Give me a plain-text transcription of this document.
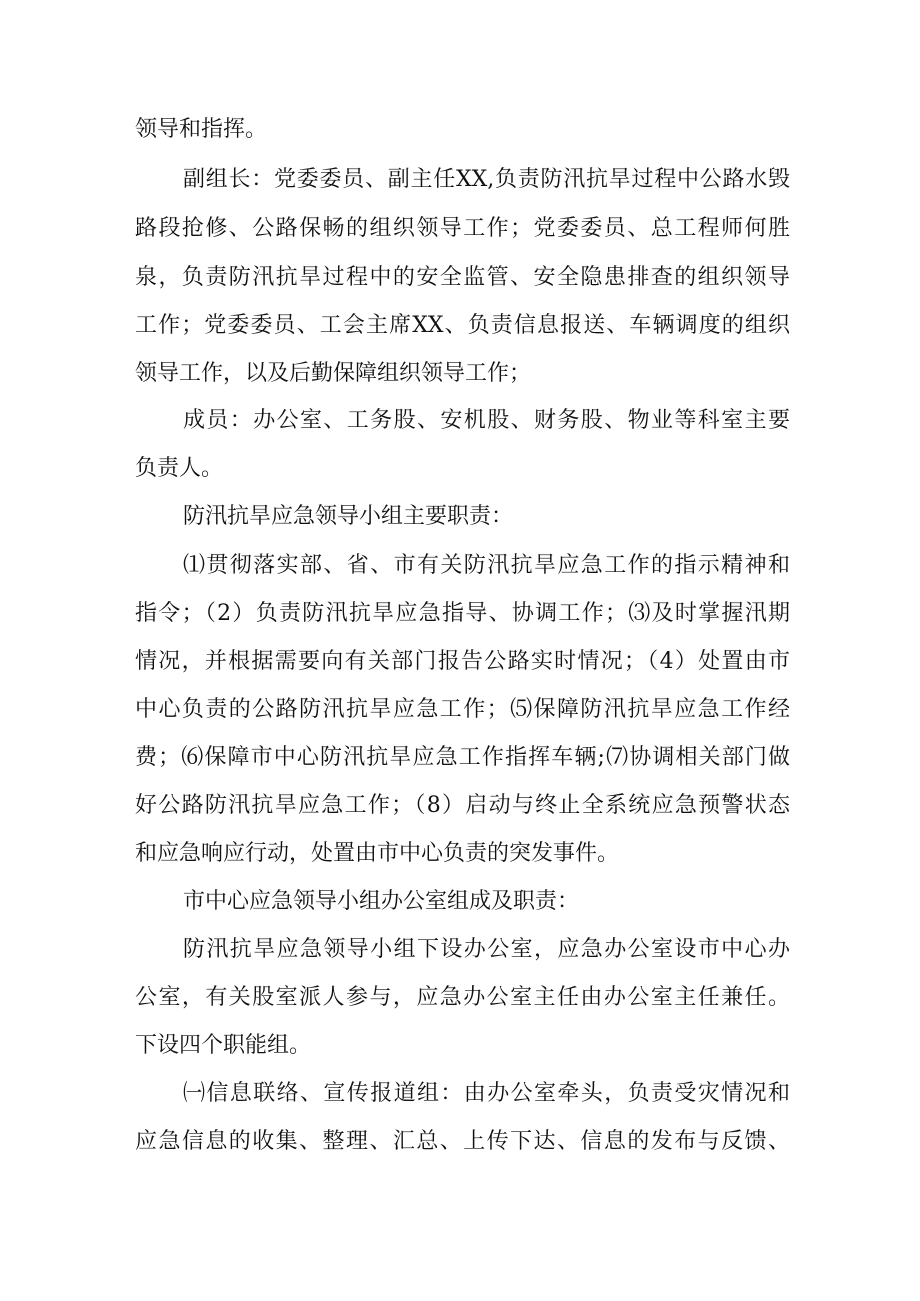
领导和指挥。
副组长：党委委员、副主任XX,负责防汛抗旱过程中公路水毁
路段抢修、公路保畅的组织领导工作；党委委员、总工程师何胜
泉，负责防汛抗旱过程中的安全监管、安全隐患排查的组织领导
工作；党委委员、工会主席XX、负责信息报送、车辆调度的组织
领导工作，以及后勤保障组织领导工作；
成员：办公室、工务股、安机股、财务股、物业等科室主要
负责人。
防汛抗旱应急领导小组主要职责：
⑴贯彻落实部、省、市有关防汛抗旱应急工作的指示精神和
指令；（2）负责防汛抗旱应急指导、协调工作；⑶及时掌握汛期
情况，并根据需要向有关部门报告公路实时情况；（4）处置由市
中心负责的公路防汛抗旱应急工作；⑸保障防汛抗旱应急工作经
费；⑹保障市中心防汛抗旱应急工作指挥车辆;⑺协调相关部门做
好公路防汛抗旱应急工作；（8）启动与终止全系统应急预警状态
和应急响应行动，处置由市中心负责的突发事件。
市中心应急领导小组办公室组成及职责：
防汛抗旱应急领导小组下设办公室，应急办公室设市中心办
公室，有关股室派人参与，应急办公室主任由办公室主任兼任。
下设四个职能组。
㈠信息联络、宣传报道组：由办公室牵头，负责受灾情况和
应急信息的收集、整理、汇总、上传下达、信息的发布与反馈、
